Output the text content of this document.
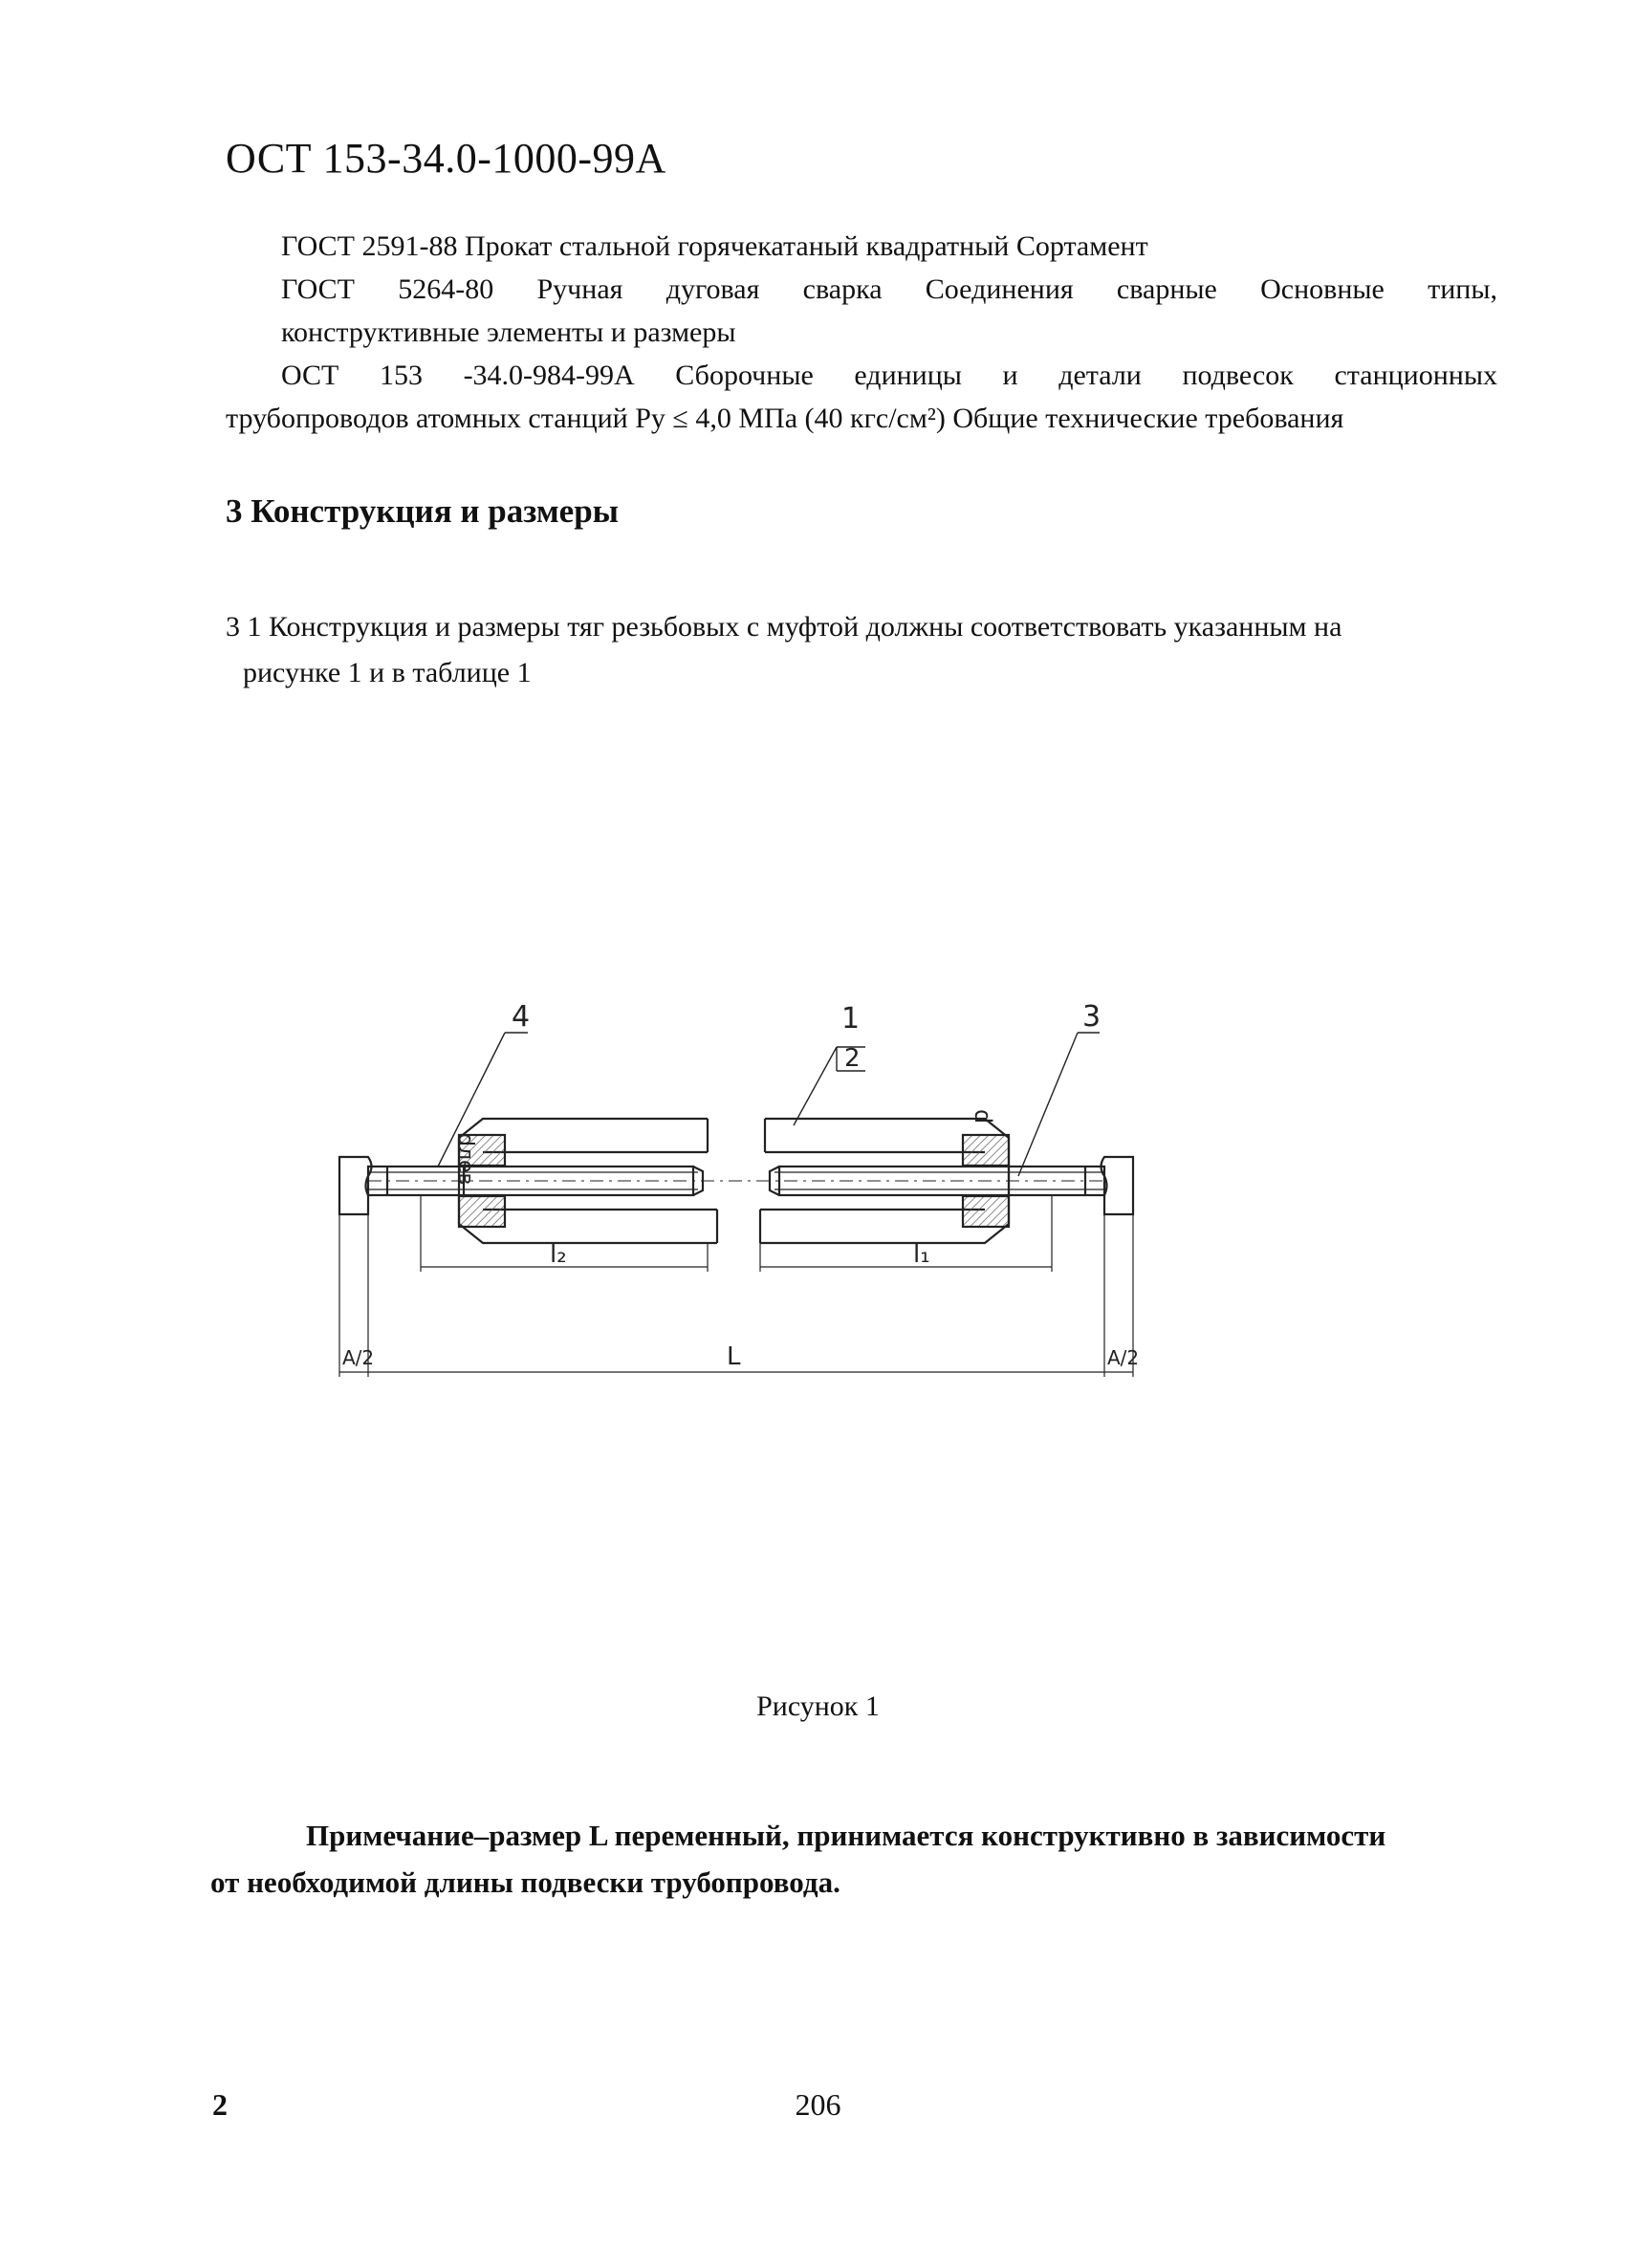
ОСТ 153-34.0-1000-99А

ГОСТ 2591-88 Прокат стальной горячекатаный квадратный Сортамент

ГОСТ 5264-80 Ручная дуговая сварка Соединения сварные Основные типы,

конструктивные элементы и размеры

ОСТ 153 -34.0-984-99А Сборочные единицы и детали подвесок станционных

трубопроводов атомных станций Ру ≤ 4,0 МПа (40 кгс/см²) Общие технические требования

3 Конструкция и размеры

3 1 Конструкция и размеры тяг резьбовых с муфтой должны соответствовать указанным на

рисунке 1 и в таблице 1

4	1
2
3
dлев
d
l₂	l₁
L
А/2	А/2
Рисунок 1

Примечание–размер L переменный, принимается конструктивно в зависимости

от необходимой длины подвески трубопровода.

2	206
